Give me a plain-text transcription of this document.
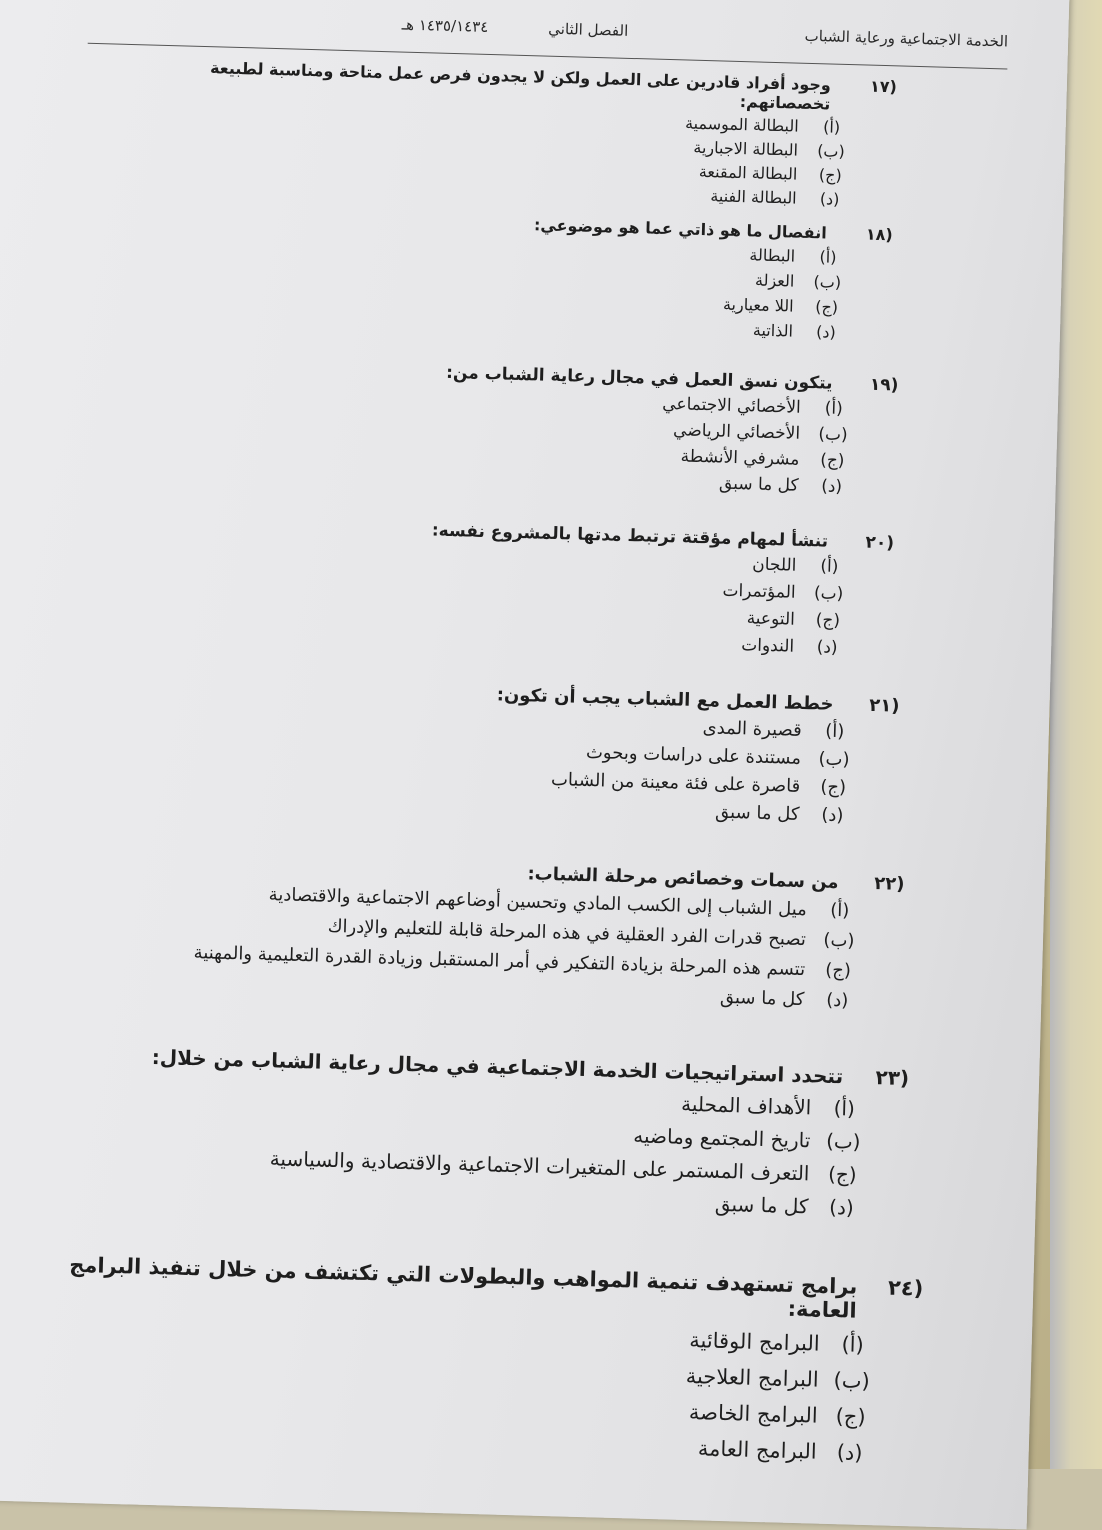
الخدمة الاجتماعية ورعاية الشباب
الفصل الثاني
١٤٣٥/١٤٣٤ هـ
(١٧
وجود أفراد قادرين على العمل ولكن لا يجدون فرص عمل متاحة ومناسبة لطبيعة تخصصاتهم:
(أ)
البطالة الموسمية
(ب)
البطالة الاجبارية
(ج)
البطالة المقنعة
(د)
البطالة الفنية
(١٨
انفصال ما هو ذاتي عما هو موضوعي:
(أ)
البطالة
(ب)
العزلة
(ج)
اللا معيارية
(د)
الذاتية
(١٩
يتكون نسق العمل في مجال رعاية الشباب من:
(أ)
الأخصائي الاجتماعي
(ب)
الأخصائي الرياضي
(ج)
مشرفي الأنشطة
(د)
كل ما سبق
(٢٠
تنشأ لمهام مؤقتة ترتبط مدتها بالمشروع نفسه:
(أ)
اللجان
(ب)
المؤتمرات
(ج)
التوعية
(د)
الندوات
(٢١
خطط العمل مع الشباب يجب أن تكون:
(أ)
قصيرة المدى
(ب)
مستندة على دراسات وبحوث
(ج)
قاصرة على فئة معينة من الشباب
(د)
كل ما سبق
(٢٢
من سمات وخصائص مرحلة الشباب:
(أ)
ميل الشباب إلى الكسب المادي وتحسين أوضاعهم الاجتماعية والاقتصادية
(ب)
تصبح قدرات الفرد العقلية في هذه المرحلة قابلة للتعليم والإدراك
(ج)
تتسم هذه المرحلة بزيادة التفكير في أمر المستقبل وزيادة القدرة التعليمية والمهنية
(د)
كل ما سبق
(٢٣
تتحدد استراتيجيات الخدمة الاجتماعية في مجال رعاية الشباب من خلال:
(أ)
الأهداف المحلية
(ب)
تاريخ المجتمع وماضيه
(ج)
التعرف المستمر على المتغيرات الاجتماعية والاقتصادية والسياسية
(د)
كل ما سبق
(٢٤
برامج تستهدف تنمية المواهب والبطولات التي تكتشف من خلال تنفيذ البرامج العامة:
(أ)
البرامج الوقائية
(ب)
البرامج العلاجية
(ج)
البرامج الخاصة
(د)
البرامج العامة
